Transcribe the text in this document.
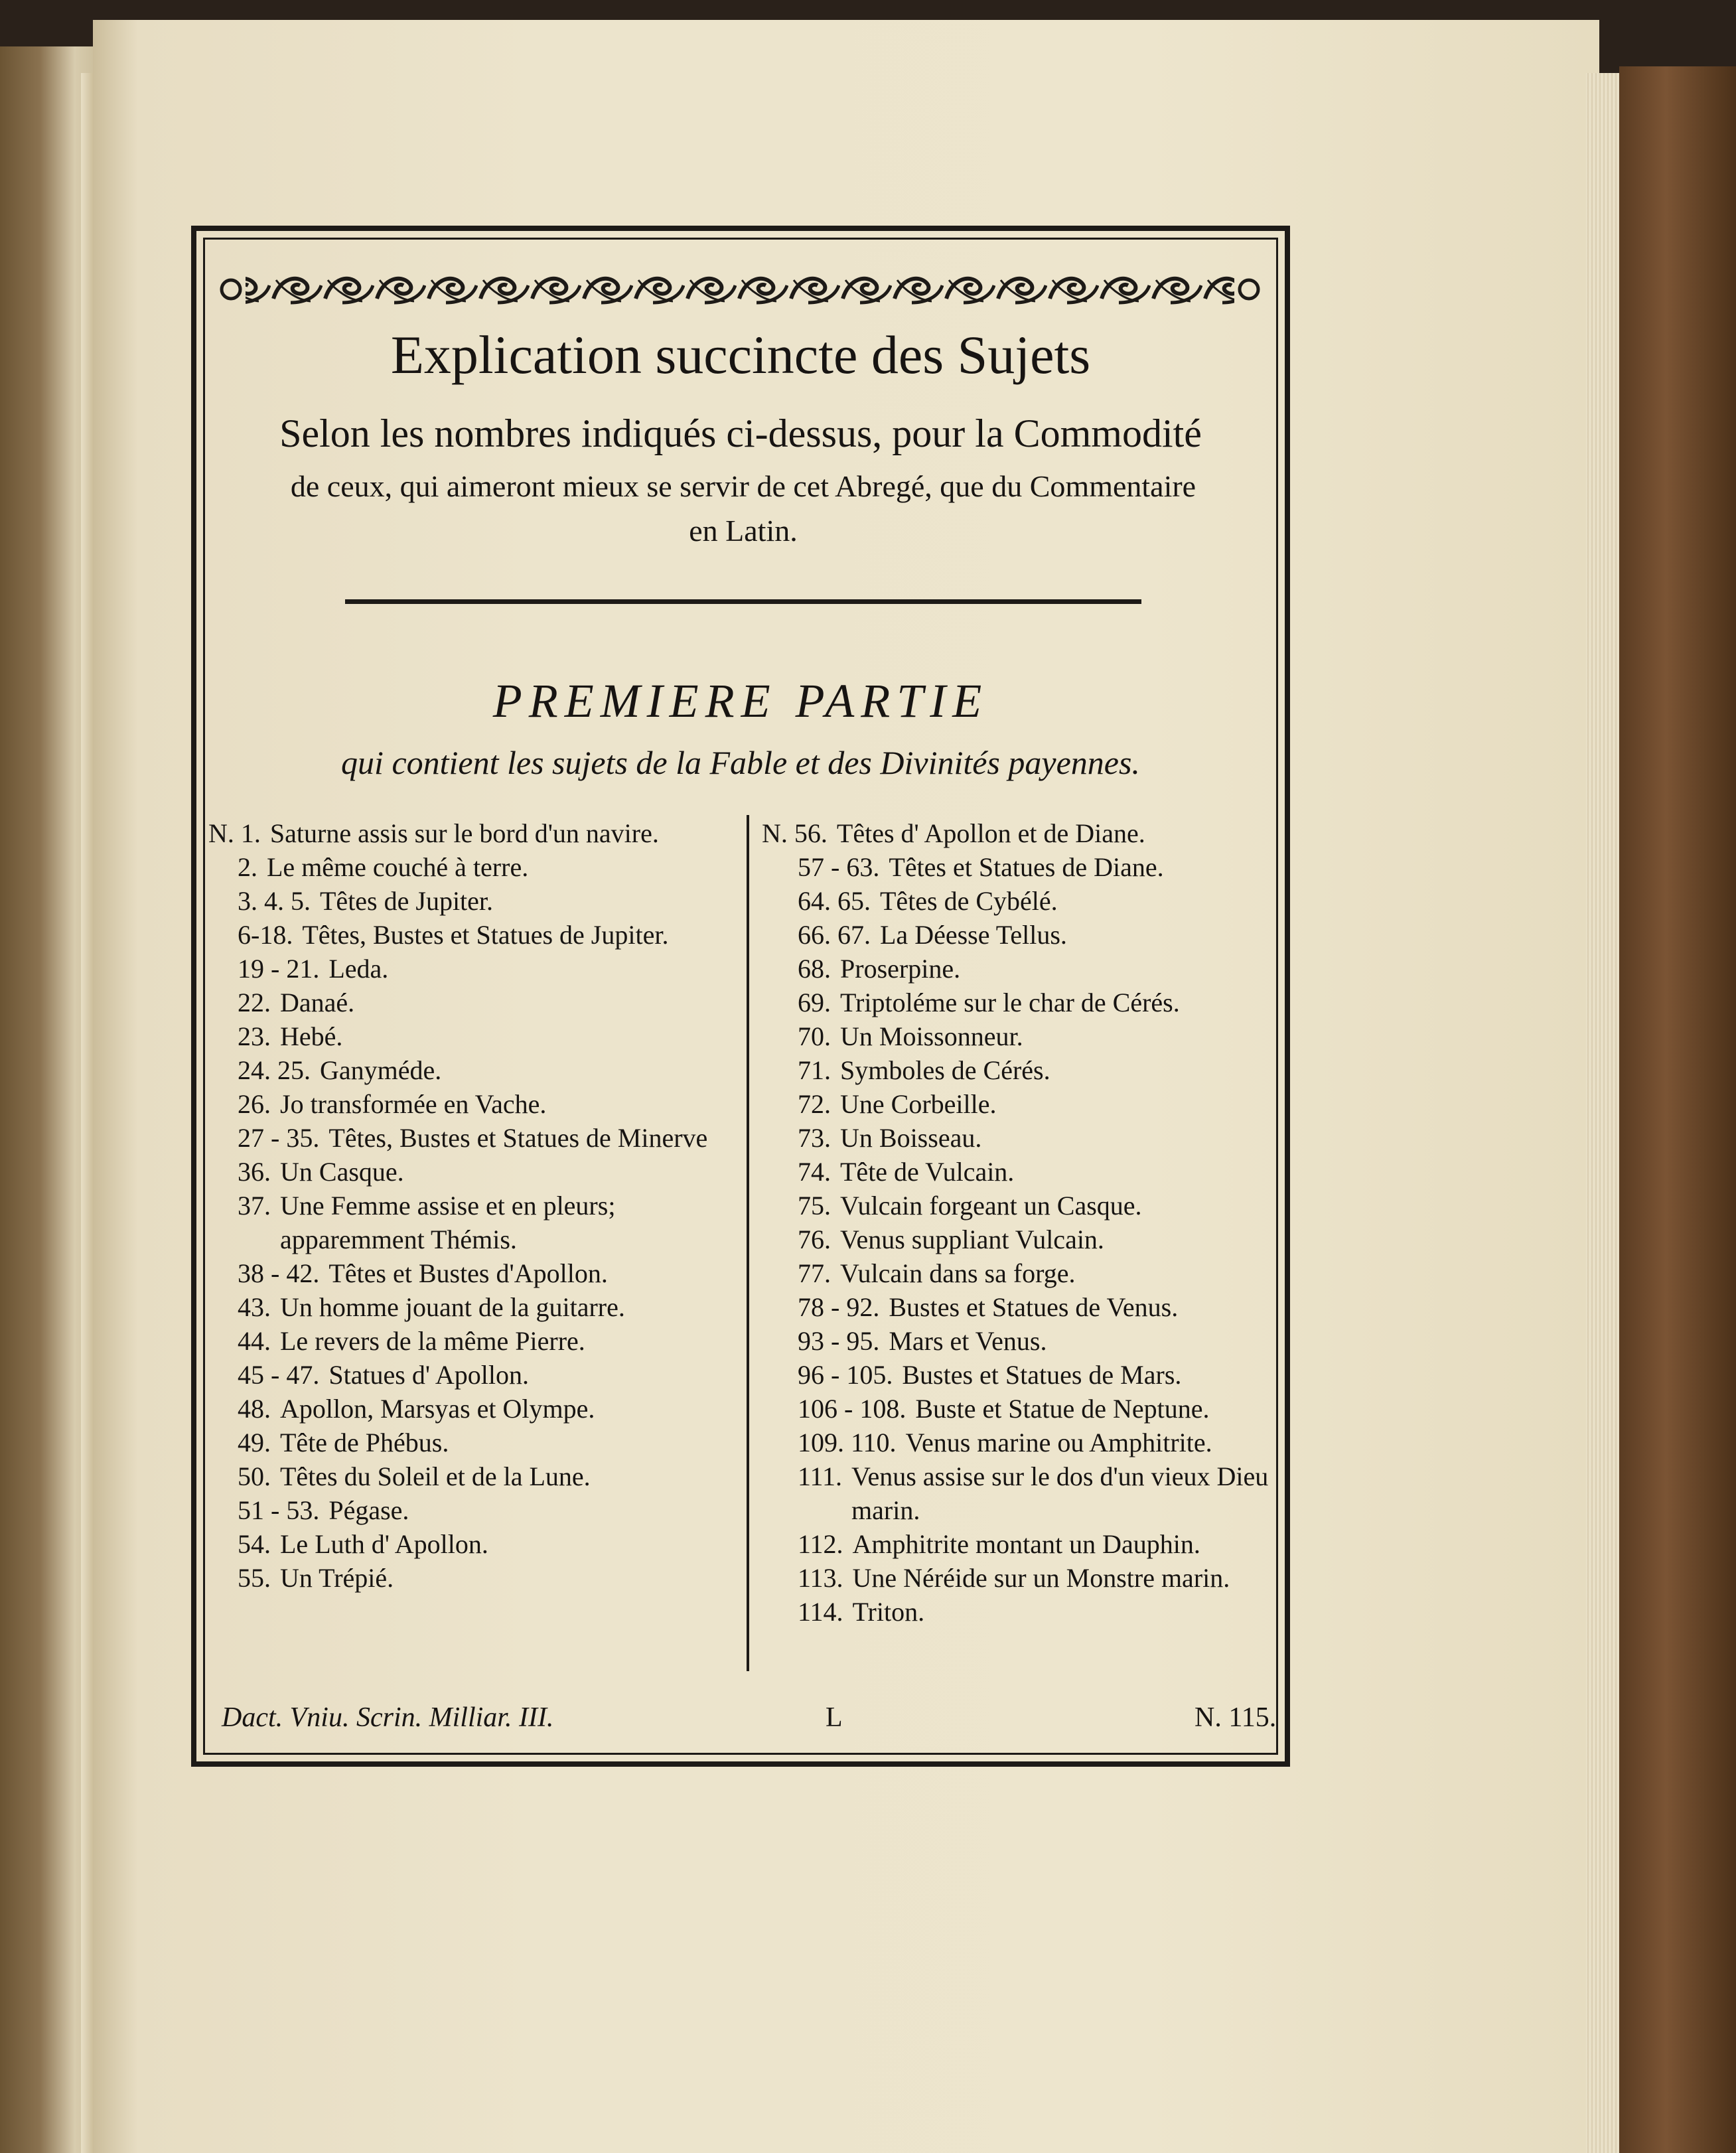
Explication succincte des Sujets
Selon les nombres indiqués ci-dessus, pour la Commodité
de ceux, qui aimeront mieux se servir de cet Abregé, que du Commentaire en Latin.
PREMIERE PARTIE
qui contient les sujets de la Fable et des Divinités payennes.
N. 1. Saturne assis sur le bord d'un navire.
2. Le même couché à terre.
3. 4. 5. Têtes de Jupiter.
6-18. Têtes, Bustes et Statues de Jupiter.
19 - 21. Leda.
22. Danaé.
23. Hebé.
24. 25. Ganyméde.
26. Jo transformée en Vache.
27 - 35. Têtes, Bustes et Statues de Minerve
36. Un Casque.
37. Une Femme assise et en pleurs; apparemment Thémis.
38 - 42. Têtes et Bustes d'Apollon.
43. Un homme jouant de la guitarre.
44. Le revers de la même Pierre.
45 - 47. Statues d' Apollon.
48. Apollon, Marsyas et Olympe.
49. Tête de Phébus.
50. Têtes du Soleil et de la Lune.
51 - 53. Pégase.
54. Le Luth d' Apollon.
55. Un Trépié.
N. 56. Têtes d' Apollon et de Diane.
57 - 63. Têtes et Statues de Diane.
64. 65. Têtes de Cybélé.
66. 67. La Déesse Tellus.
68. Proserpine.
69. Triptoléme sur le char de Cérés.
70. Un Moissonneur.
71. Symboles de Cérés.
72. Une Corbeille.
73. Un Boisseau.
74. Tête de Vulcain.
75. Vulcain forgeant un Casque.
76. Venus suppliant Vulcain.
77. Vulcain dans sa forge.
78 - 92. Bustes et Statues de Venus.
93 - 95. Mars et Venus.
96 - 105. Bustes et Statues de Mars.
106 - 108. Buste et Statue de Neptune.
109. 110. Venus marine ou Amphitrite.
111. Venus assise sur le dos d'un vieux Dieu marin.
112. Amphitrite montant un Dauphin.
113. Une Néréide sur un Monstre marin.
114. Triton.
Dact. Vniu. Scrin. Milliar. III.	L	N. 115.
